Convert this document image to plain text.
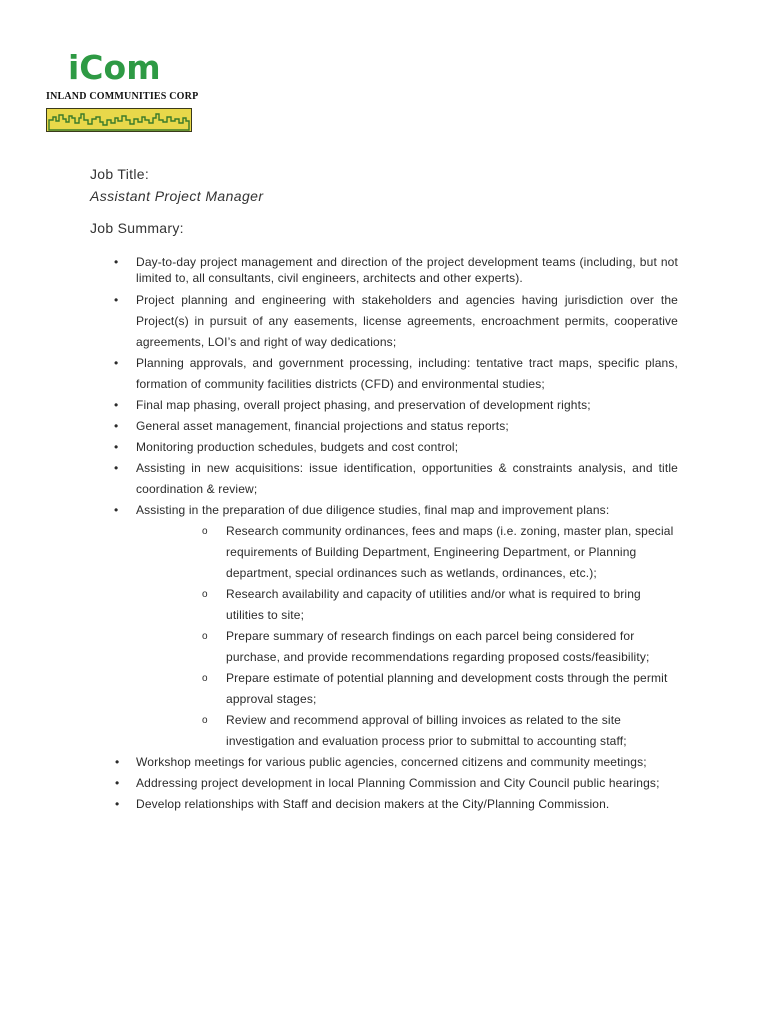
iCom
INLAND COMMUNITIES CORP
Job Title:
Assistant Project Manager
Job Summary:
• Day-to-day project management and direction of the project development teams (including, but not limited to, all consultants, civil engineers, architects and other experts).
• Project planning and engineering with stakeholders and agencies having jurisdiction over the Project(s) in pursuit of any easements, license agreements, encroachment permits, cooperative agreements, LOI’s and right of way dedications;
• Planning approvals, and government processing, including: tentative tract maps, specific plans, formation of community facilities districts (CFD) and environmental studies;
• Final map phasing, overall project phasing, and preservation of development rights;
• General asset management, financial projections and status reports;
• Monitoring production schedules, budgets and cost control;
• Assisting in new acquisitions: issue identification, opportunities & constraints analysis, and title coordination & review;
• Assisting in the preparation of due diligence studies, final map and improvement plans:
o Research community ordinances, fees and maps (i.e. zoning, master plan, special requirements of Building Department, Engineering Department, or Planning department, special ordinances such as wetlands, ordinances, etc.);
o Research availability and capacity of utilities and/or what is required to bring utilities to site;
o Prepare summary of research findings on each parcel being considered for purchase, and provide recommendations regarding proposed costs/feasibility;
o Prepare estimate of potential planning and development costs through the permit approval stages;
o Review and recommend approval of billing invoices as related to the site investigation and evaluation process prior to submittal to accounting staff;
• Workshop meetings for various public agencies, concerned citizens and community meetings;
• Addressing project development in local Planning Commission and City Council public hearings;
• Develop relationships with Staff and decision makers at the City/Planning Commission.
